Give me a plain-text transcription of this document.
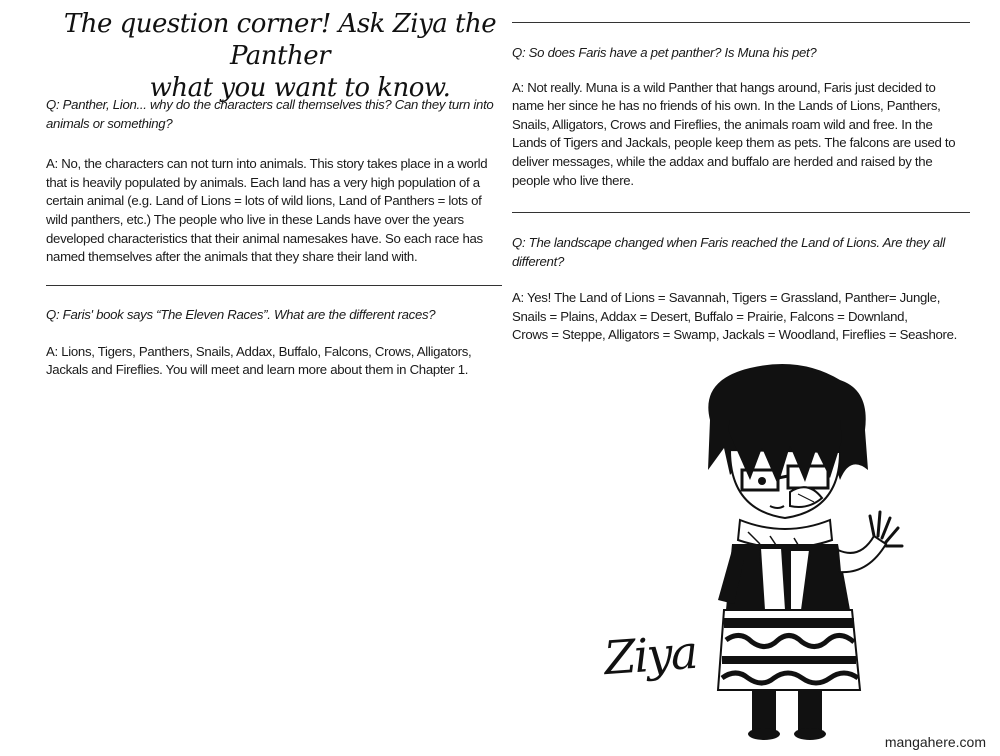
The question corner! Ask Ziya the Panther
what you want to know.

Q: Panther, Lion... why do the characters call themselves this? Can they turn into animals or something?

A: No, the characters can not turn into animals. This story takes place in a world that is heavily populated by animals. Each land has a very high population of a certain animal (e.g. Land of Lions = lots of wild lions, Land of Panthers = lots of wild panthers, etc.) The people who live in these Lands have over the years developed characteristics that their animal namesakes have. So each race has named themselves after the animals that they share their land with.

Q: Faris' book says “The Eleven Races”. What are the different races?

A: Lions, Tigers, Panthers, Snails, Addax, Buffalo, Falcons, Crows, Alligators, Jackals and Fireflies. You will meet and learn more about them in Chapter 1.

Q: So does Faris have a pet panther? Is Muna his pet?

A: Not really. Muna is a wild Panther that hangs around, Faris just decided to name her since he has no friends of his own. In the Lands of Lions, Panthers, Snails, Alligators, Crows and Fireflies, the animals roam wild and free. In the Lands of Tigers and Jackals, people keep them as pets. The falcons are used to deliver messages, while the addax and buffalo are herded and raised by the people who live there.

Q: The landscape changed when Faris reached the Land of Lions. Are they all different?

A: Yes! The Land of Lions = Savannah, Tigers = Grassland, Panther= Jungle,

Snails = Plains, Addax = Desert, Buffalo = Prairie, Falcons = Downland,

Crows = Steppe, Alligators = Swamp, Jackals = Woodland, Fireflies = Seashore.

Ziya
mangahere.com
